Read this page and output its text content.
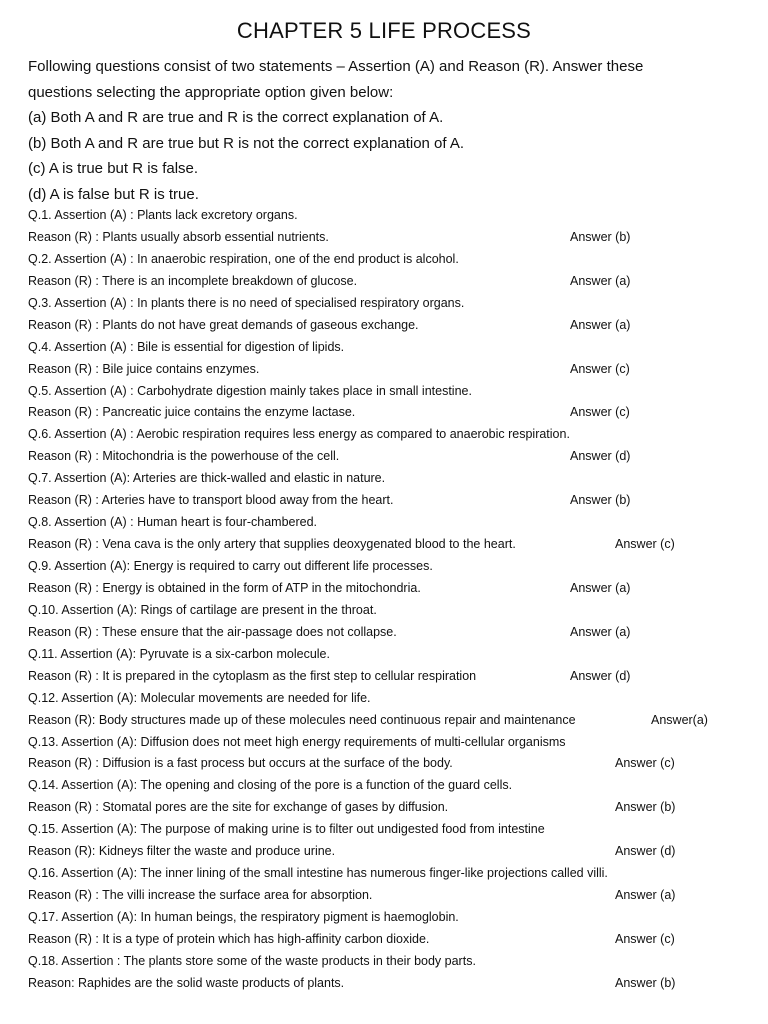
CHAPTER 5 LIFE PROCESS
Following questions consist of two statements – Assertion (A) and Reason (R). Answer these
questions selecting the appropriate option given below:
(a) Both A and R are true and R is the correct explanation of A.
(b) Both A and R are true but R is not the correct explanation of A.
(c) A is true but R is false.
(d) A is false but R is true.
Q.1. Assertion (A) : Plants lack excretory organs.
Reason (R) : Plants usually absorb essential nutrients.	Answer (b)
Q.2. Assertion (A) : In anaerobic respiration, one of the end product is alcohol.
Reason (R) : There is an incomplete breakdown of glucose.	Answer (a)
Q.3. Assertion (A) : In plants there is no need of specialised respiratory organs.
Reason (R) : Plants do not have great demands of gaseous exchange.	Answer (a)
Q.4. Assertion (A) : Bile is essential for digestion of lipids.
Reason (R) : Bile juice contains enzymes.	Answer (c)
Q.5. Assertion (A) : Carbohydrate digestion mainly takes place in small intestine.
Reason (R) : Pancreatic juice contains the enzyme lactase.	Answer (c)
Q.6. Assertion (A) : Aerobic respiration requires less energy as compared to anaerobic respiration.
Reason (R) : Mitochondria is the powerhouse of the cell.	Answer (d)
Q.7. Assertion (A): Arteries are thick-walled and elastic in nature.
Reason (R) : Arteries have to transport blood away from the heart.	Answer (b)
Q.8. Assertion (A) : Human heart is four-chambered.
Reason (R) : Vena cava is the only artery that supplies deoxygenated blood to the heart.	Answer (c)
Q.9. Assertion (A): Energy is required to carry out different life processes.
Reason (R) : Energy is obtained in the form of ATP in the mitochondria.	Answer (a)
Q.10. Assertion (A): Rings of cartilage are present in the throat.
Reason (R) : These ensure that the air-passage does not collapse.	Answer (a)
Q.11. Assertion (A): Pyruvate is a six-carbon molecule.
Reason (R) : It is prepared in the cytoplasm as the first step to cellular respiration	Answer (d)
Q.12. Assertion (A): Molecular movements are needed for life.
Reason (R): Body structures made up of these molecules need continuous repair and maintenance	Answer(a)
Q.13. Assertion (A): Diffusion does not meet high energy requirements of multi-cellular organisms
Reason (R) : Diffusion is a fast process but occurs at the surface of the body.	Answer (c)
Q.14. Assertion (A): The opening and closing of the pore is a function of the guard cells.
Reason (R) : Stomatal pores are the site for exchange of gases by diffusion.	Answer (b)
Q.15. Assertion (A): The purpose of making urine is to filter out undigested food from intestine
Reason (R): Kidneys filter the waste and produce urine.	Answer (d)
Q.16. Assertion (A): The inner lining of the small intestine has numerous finger-like projections called villi.
Reason (R) : The villi increase the surface area for absorption.	Answer (a)
Q.17. Assertion (A): In human beings, the respiratory pigment is haemoglobin.
Reason (R) : It is a type of protein which has high-affinity carbon dioxide.	Answer (c)
Q.18. Assertion : The plants store some of the waste products in their body parts.
Reason: Raphides are the solid waste products of plants.	Answer (b)
